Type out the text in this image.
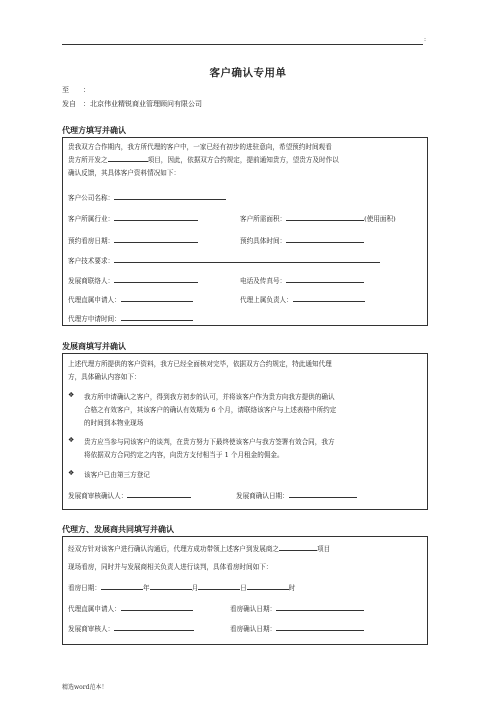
:
客户确认专用单
至　　：
发自　：北京伟业精锐商业管理顾问有限公司
代理方填写并确认
贵我双方合作期内，我方所代理的客户中，一家已经有初步的进驻意向，希望预约时间观看
贵方所开发之	项目，因此，依据双方合约规定，提前通知贵方，望贵方及时作以
确认反馈，其具体客户资料情况如下：
客户公司名称：
客户所属行业：	客户所需面积：	(使用面积)
预约看房日期：	预约具体时间：
客户技术要求：
发展商联络人：	电话及传真号：
代理直属申请人：	代理上属负责人：
代理方申请时间：
发展商填写并确认
上述代理方所提供的客户资料，我方已经全面核对完毕，依据双方合约规定，特此通知代理
方，具体确认内容如下：
❖ 我方所申请确认之客户，得到我方初步的认可，并将该客户作为贵方向我方提供的确认

合格之有效客户，其该客户的确认有效期为 6 个月，请联络该客户与上述表格中所约定

的时间到本物业现场

❖ 贵方应当参与同该客户的谈判，在贵方努力下最终使该客户与我方签署有效合同，我方

将依据双方合同约定之内容，向贵方支付相当于 1 个月租金的佣金。

❖ 该客户已由第三方登记

发展商审核确认人：	发展商确认日期：
代理方、发展商共同填写并确认
经双方针对该客户进行确认沟通后，代理方成功带领上述客户到发展商之	项目
现场看房，同时并与发展商相关负责人进行谈判，具体看房时间如下：
看房日期：	年	月	日	时
代理直属申请人：	看房确认日期：
发展商审核人：	看房确认日期：
精选word范本！
